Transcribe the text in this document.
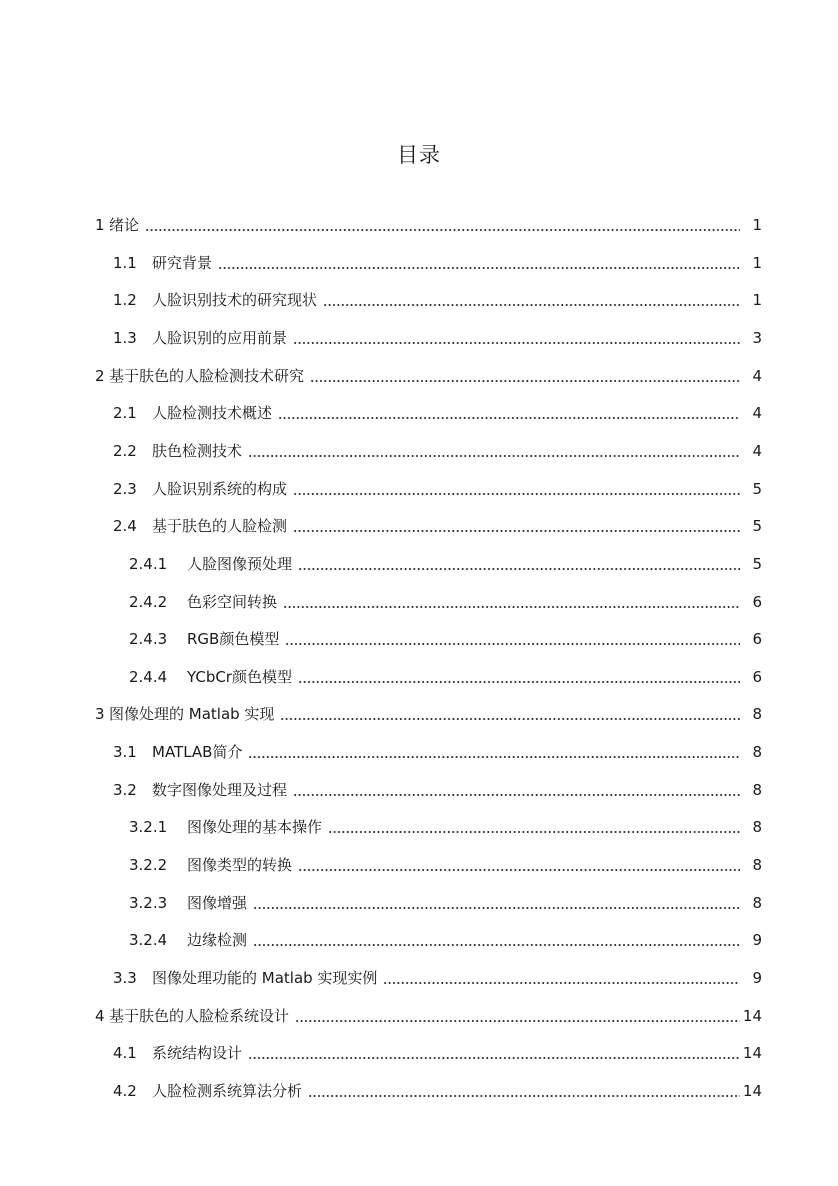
目录
1 绪论	1
1.1	研究背景	1
1.2	人脸识别技术的研究现状	1
1.3	人脸识别的应用前景	3
2 基于肤色的人脸检测技术研究	4
2.1	人脸检测技术概述	4
2.2	肤色检测技术	4
2.3	人脸识别系统的构成	5
2.4	基于肤色的人脸检测	5
2.4.1	人脸图像预处理	5
2.4.2	色彩空间转换	6
2.4.3	RGB颜色模型	6
2.4.4	YCbCr颜色模型	6
3 图像处理的 Matlab 实现	8
3.1	MATLAB简介	8
3.2	数字图像处理及过程	8
3.2.1	图像处理的基本操作	8
3.2.2	图像类型的转换	8
3.2.3	图像增强	8
3.2.4	边缘检测	9
3.3	图像处理功能的 Matlab 实现实例	9
4 基于肤色的人脸检系统设计	14
4.1	系统结构设计	14
4.2	人脸检测系统算法分析	14
